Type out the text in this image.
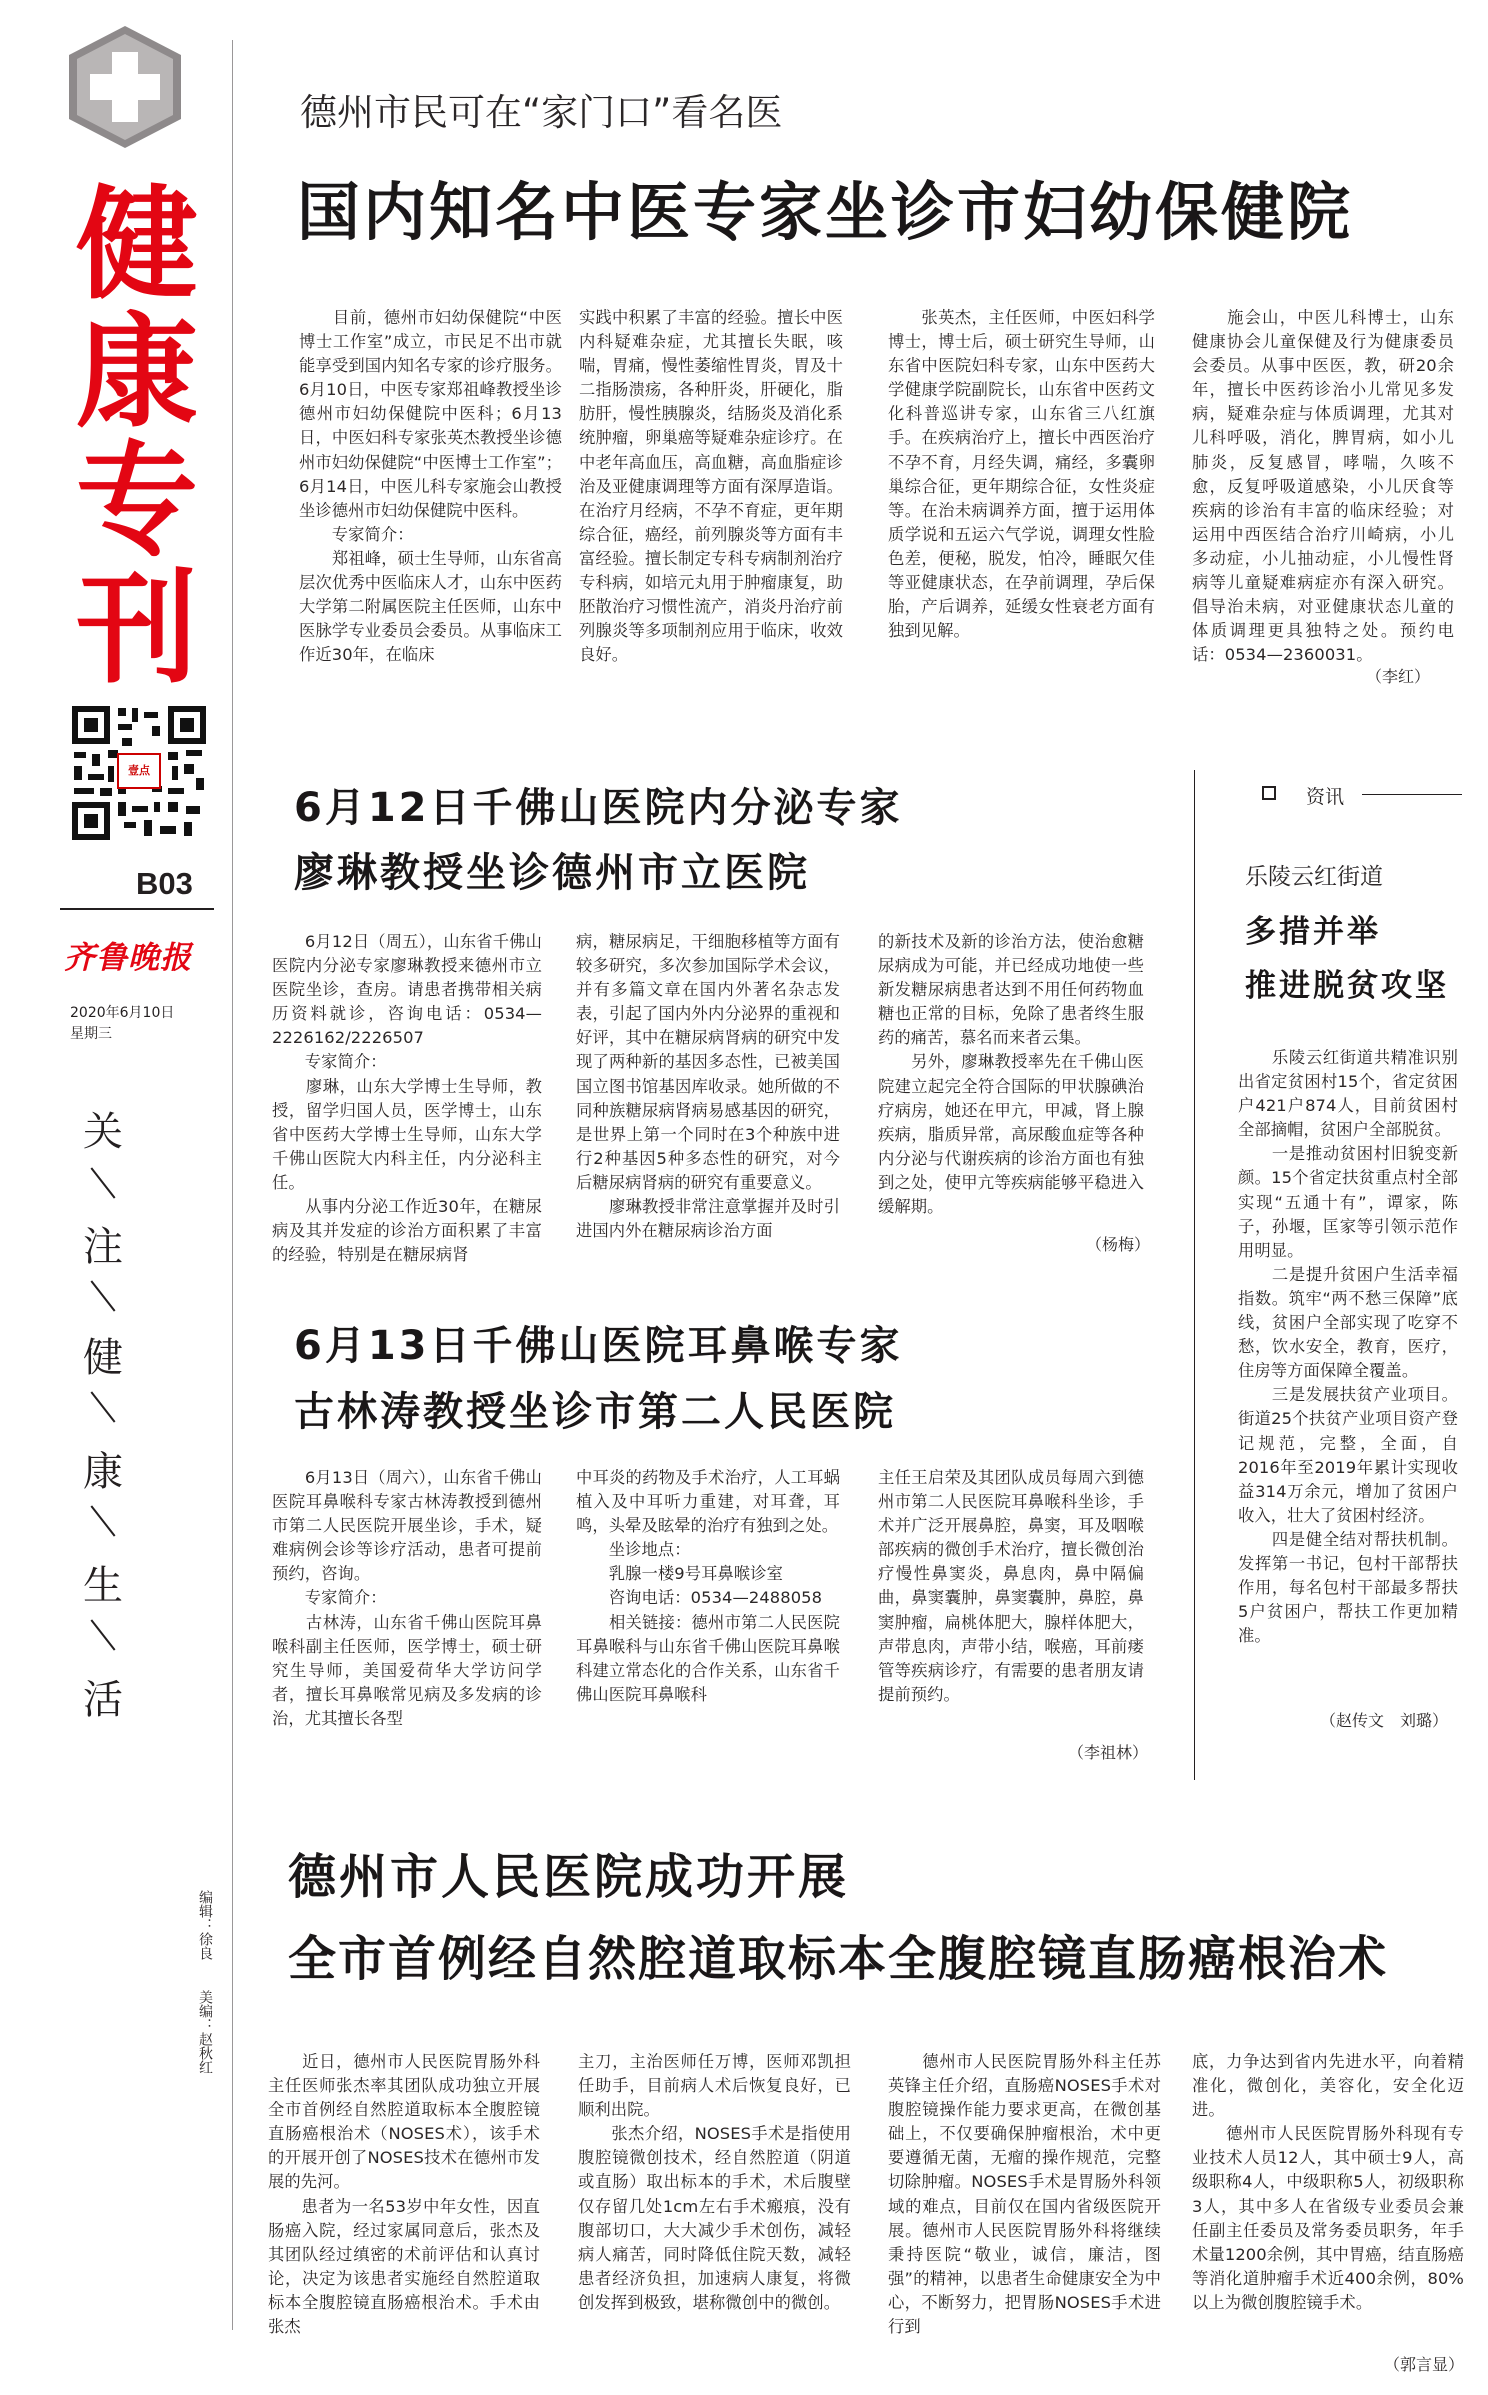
健
康
专
刊
壹点
B03
齐鲁晚报
2020年6月10日
星期三
关
注
健
康
生
活
编辑：徐良
美编：赵秋红
德州市民可在“家门口”看名医
国内知名中医专家坐诊市妇幼保健院
　　目前，德州市妇幼保健院“中医博士工作室”成立，市民足不出市就能享受到国内知名专家的诊疗服务。6月10日，中医专家郑祖峰教授坐诊德州市妇幼保健院中医科；6月13日，中医妇科专家张英杰教授坐诊德州市妇幼保健院“中医博士工作室”；6月14日，中医儿科专家施会山教授坐诊德州市妇幼保健院中医科。
　　专家简介：
　　郑祖峰，硕士生导师，山东省高层次优秀中医临床人才，山东中医药大学第二附属医院主任医师，山东中医脉学专业委员会委员。从事临床工作近30年，在临床
实践中积累了丰富的经验。擅长中医内科疑难杂症，尤其擅长失眠，咳喘，胃痛，慢性萎缩性胃炎，胃及十二指肠溃疡，各种肝炎，肝硬化，脂肪肝，慢性胰腺炎，结肠炎及消化系统肿瘤，卵巢癌等疑难杂症诊疗。在中老年高血压，高血糖，高血脂症诊治及亚健康调理等方面有深厚造诣。在治疗月经病，不孕不育症，更年期综合征，癌经，前列腺炎等方面有丰富经验。擅长制定专科专病制剂治疗专科病，如培元丸用于肿瘤康复，助胚散治疗习惯性流产，消炎丹治疗前列腺炎等多项制剂应用于临床，收效良好。
　　张英杰，主任医师，中医妇科学博士，博士后，硕士研究生导师，山东省中医院妇科专家，山东中医药大学健康学院副院长，山东省中医药文化科普巡讲专家，山东省三八红旗手。在疾病治疗上，擅长中西医治疗不孕不育，月经失调，痛经，多囊卵巢综合征，更年期综合征，女性炎症等。在治未病调养方面，擅于运用体质学说和五运六气学说，调理女性脸色差，便秘，脱发，怕冷，睡眠欠佳等亚健康状态，在孕前调理，孕后保胎，产后调养，延缓女性衰老方面有独到见解。
　　施会山，中医儿科博士，山东健康协会儿童保健及行为健康委员会委员。从事中医医，教，研20余年，擅长中医药诊治小儿常见多发病，疑难杂症与体质调理，尤其对儿科呼吸，消化，脾胃病，如小儿肺炎，反复感冒，哮喘，久咳不愈，反复呼吸道感染，小儿厌食等疾病的诊治有丰富的临床经验；对运用中西医结合治疗川崎病，小儿多动症，小儿抽动症，小儿慢性肾病等儿童疑难病症亦有深入研究。倡导治未病，对亚健康状态儿童的体质调理更具独特之处。预约电话：0534—2360031。
（李红）
6月12日千佛山医院内分泌专家
廖琳教授坐诊德州市立医院
　　6月12日（周五），山东省千佛山医院内分泌专家廖琳教授来德州市立医院坐诊，查房。请患者携带相关病历资料就诊，咨询电话：0534—2226162/2226507
　　专家简介：
　　廖琳，山东大学博士生导师，教授，留学归国人员，医学博士，山东省中医药大学博士生导师，山东大学千佛山医院大内科主任，内分泌科主任。
　　从事内分泌工作近30年，在糖尿病及其并发症的诊治方面积累了丰富的经验，特别是在糖尿病肾
病，糖尿病足，干细胞移植等方面有较多研究，多次参加国际学术会议，并有多篇文章在国内外著名杂志发表，引起了国内外内分泌界的重视和好评，其中在糖尿病肾病的研究中发现了两种新的基因多态性，已被美国国立图书馆基因库收录。她所做的不同种族糖尿病肾病易感基因的研究，是世界上第一个同时在3个种族中进行2种基因5种多态性的研究，对今后糖尿病肾病的研究有重要意义。
　　廖琳教授非常注意掌握并及时引进国内外在糖尿病诊治方面
的新技术及新的诊治方法，使治愈糖尿病成为可能，并已经成功地使一些新发糖尿病患者达到不用任何药物血糖也正常的目标，免除了患者终生服药的痛苦，慕名而来者云集。
　　另外，廖琳教授率先在千佛山医院建立起完全符合国际的甲状腺碘治疗病房，她还在甲亢，甲减，肾上腺疾病，脂质异常，高尿酸血症等各种内分泌与代谢疾病的诊治方面也有独到之处，使甲亢等疾病能够平稳进入缓解期。
（杨梅）
6月13日千佛山医院耳鼻喉专家
古林涛教授坐诊市第二人民医院
　　6月13日（周六），山东省千佛山医院耳鼻喉科专家古林涛教授到德州市第二人民医院开展坐诊，手术，疑难病例会诊等诊疗活动，患者可提前预约，咨询。
　　专家简介：
　　古林涛，山东省千佛山医院耳鼻喉科副主任医师，医学博士，硕士研究生导师，美国爱荷华大学访问学者，擅长耳鼻喉常见病及多发病的诊治，尤其擅长各型
中耳炎的药物及手术治疗，人工耳蜗植入及中耳听力重建，对耳聋，耳鸣，头晕及眩晕的治疗有独到之处。
　　坐诊地点：
　　乳腺一楼9号耳鼻喉诊室
　　咨询电话：0534—2488058
　　相关链接：德州市第二人民医院耳鼻喉科与山东省千佛山医院耳鼻喉科建立常态化的合作关系，山东省千佛山医院耳鼻喉科
主任王启荣及其团队成员每周六到德州市第二人民医院耳鼻喉科坐诊，手术并广泛开展鼻腔，鼻窦，耳及咽喉部疾病的微创手术治疗，擅长微创治疗慢性鼻窦炎，鼻息肉，鼻中隔偏曲，鼻窦囊肿，鼻窦囊肿，鼻腔，鼻窦肿瘤，扁桃体肥大，腺样体肥大，声带息肉，声带小结，喉癌，耳前瘘管等疾病诊疗，有需要的患者朋友请提前预约。
（李祖林）
资讯
乐陵云红街道
多措并举
推进脱贫攻坚
　　乐陵云红街道共精准识别出省定贫困村15个，省定贫困户421户874人，目前贫困村全部摘帽，贫困户全部脱贫。
　　一是推动贫困村旧貌变新颜。15个省定扶贫重点村全部实现“五通十有”，谭家，陈子，孙堰，匡家等引领示范作用明显。
　　二是提升贫困户生活幸福指数。筑牢“两不愁三保障”底线，贫困户全部实现了吃穿不愁，饮水安全，教育，医疗，住房等方面保障全覆盖。
　　三是发展扶贫产业项目。街道25个扶贫产业项目资产登记规范，完整，全面，自2016年至2019年累计实现收益314万余元，增加了贫困户收入，壮大了贫困村经济。
　　四是健全结对帮扶机制。发挥第一书记，包村干部帮扶作用，每名包村干部最多帮扶5户贫困户，帮扶工作更加精准。
（赵传文　刘璐）
德州市人民医院成功开展
全市首例经自然腔道取标本全腹腔镜直肠癌根治术
　　近日，德州市人民医院胃肠外科主任医师张杰率其团队成功独立开展全市首例经自然腔道取标本全腹腔镜直肠癌根治术（NOSES术），该手术的开展开创了NOSES技术在德州市发展的先河。
　　患者为一名53岁中年女性，因直肠癌入院，经过家属同意后，张杰及其团队经过缜密的术前评估和认真讨论，决定为该患者实施经自然腔道取标本全腹腔镜直肠癌根治术。手术由张杰
主刀，主治医师任万博，医师邓凯担任助手，目前病人术后恢复良好，已顺利出院。
　　张杰介绍，NOSES手术是指使用腹腔镜微创技术，经自然腔道（阴道或直肠）取出标本的手术，术后腹壁仅存留几处1cm左右手术瘢痕，没有腹部切口，大大减少手术创伤，减轻病人痛苦，同时降低住院天数，减轻患者经济负担，加速病人康复，将微创发挥到极致，堪称微创中的微创。
　　德州市人民医院胃肠外科主任苏英锋主任介绍，直肠癌NOSES手术对腹腔镜操作能力要求更高，在微创基础上，不仅要确保肿瘤根治，术中更要遵循无菌，无瘤的操作规范，完整切除肿瘤。NOSES手术是胃肠外科领域的难点，目前仅在国内省级医院开展。德州市人民医院胃肠外科将继续秉持医院“敬业，诚信，廉洁，图强”的精神，以患者生命健康安全为中心，不断努力，把胃肠NOSES手术进行到
底，力争达到省内先进水平，向着精准化，微创化，美容化，安全化迈进。
　　德州市人民医院胃肠外科现有专业技术人员12人，其中硕士9人，高级职称4人，中级职称5人，初级职称3人，其中多人在省级专业委员会兼任副主任委员及常务委员职务，年手术量1200余例，其中胃癌，结直肠癌等消化道肿瘤手术近400余例，80%以上为微创腹腔镜手术。
（郭言显）
